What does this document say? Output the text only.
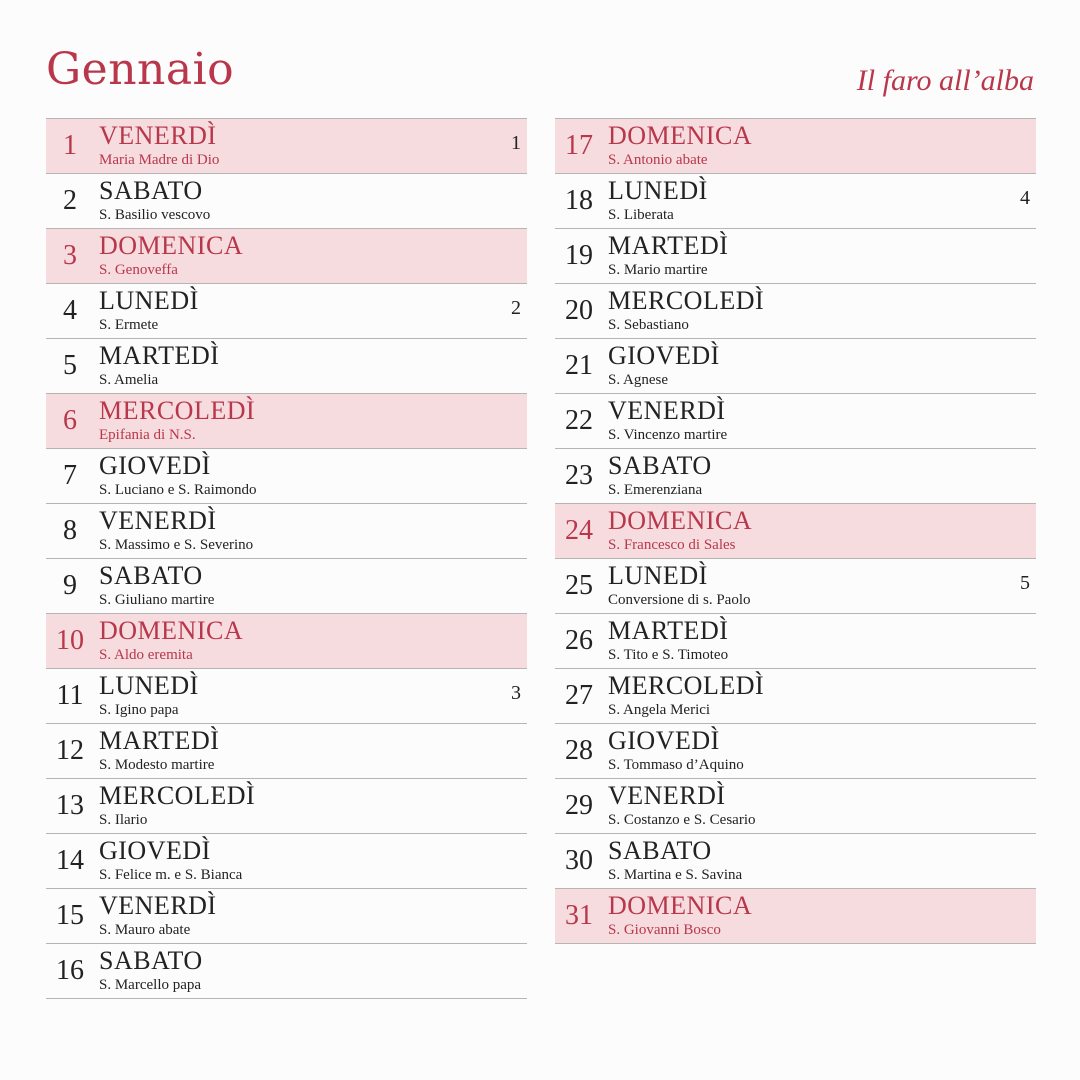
Gennaio	Il faro all’alba
1 VENERDÌ
Maria Madre di Dio
1
2 SABATO
S. Basilio vescovo
3 DOMENICA
S. Genoveffa
4 LUNEDÌ
S. Ermete
2
5 MARTEDÌ
S. Amelia
6 MERCOLEDÌ
Epifania di N.S.
7 GIOVEDÌ
S. Luciano e S. Raimondo
8 VENERDÌ
S. Massimo e S. Severino
9 SABATO
S. Giuliano martire
10 DOMENICA
S. Aldo eremita
11 LUNEDÌ
S. Igino papa
3
12 MARTEDÌ
S. Modesto martire
13 MERCOLEDÌ
S. Ilario
14 GIOVEDÌ
S. Felice m. e S. Bianca
15 VENERDÌ
S. Mauro abate
16 SABATO
S. Marcello papa
17 DOMENICA
S. Antonio abate
18 LUNEDÌ
S. Liberata
4
19 MARTEDÌ
S. Mario martire
20 MERCOLEDÌ
S. Sebastiano
21 GIOVEDÌ
S. Agnese
22 VENERDÌ
S. Vincenzo martire
23 SABATO
S. Emerenziana
24 DOMENICA
S. Francesco di Sales
25 LUNEDÌ
Conversione di s. Paolo
5
26 MARTEDÌ
S. Tito e S. Timoteo
27 MERCOLEDÌ
S. Angela Merici
28 GIOVEDÌ
S. Tommaso d’Aquino
29 VENERDÌ
S. Costanzo e S. Cesario
30 SABATO
S. Martina e S. Savina
31 DOMENICA
S. Giovanni Bosco
